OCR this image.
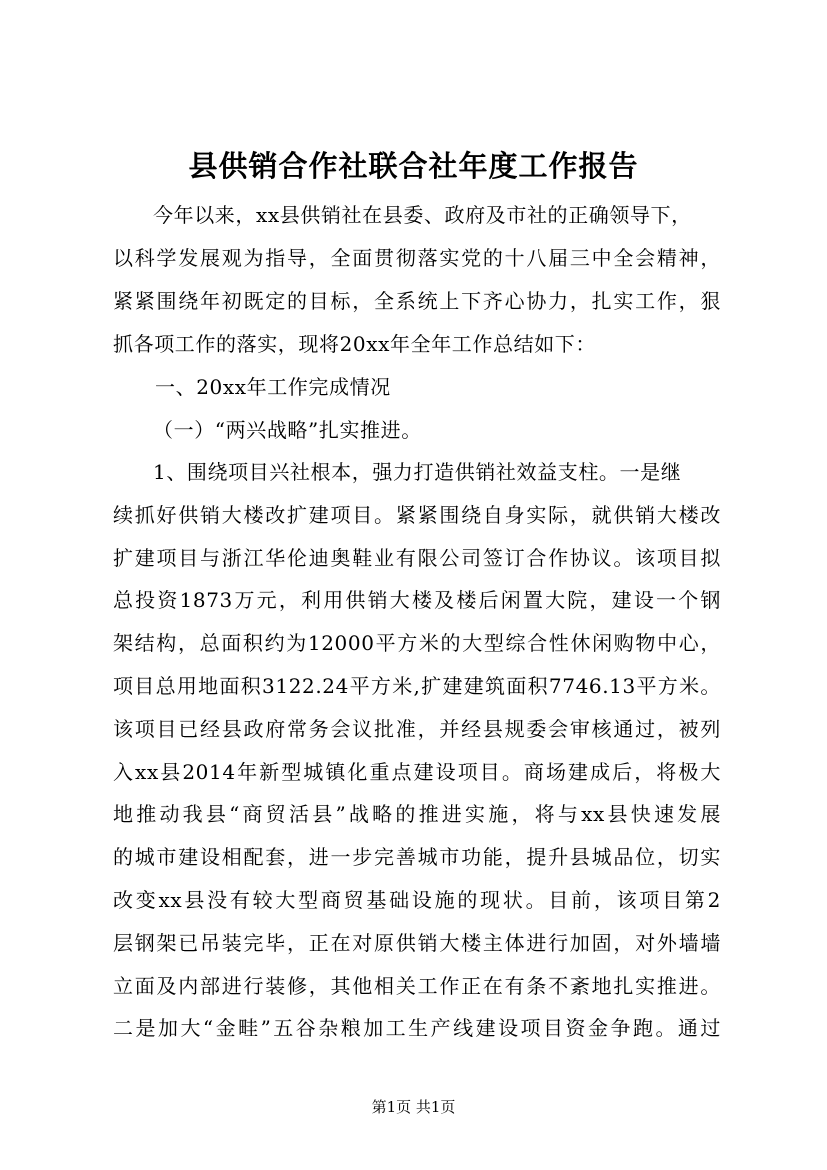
县供销合作社联合社年度工作报告
今年以来，xx县供销社在县委、政府及市社的正确领导下，
以科学发展观为指导，全面贯彻落实党的十八届三中全会精神，
紧紧围绕年初既定的目标，全系统上下齐心协力，扎实工作，狠
抓各项工作的落实，现将20xx年全年工作总结如下：
一、20xx年工作完成情况
（一）“两兴战略”扎实推进。
1、围绕项目兴社根本，强力打造供销社效益支柱。一是继
续抓好供销大楼改扩建项目。紧紧围绕自身实际，就供销大楼改
扩建项目与浙江华伦迪奥鞋业有限公司签订合作协议。该项目拟
总投资1873万元，利用供销大楼及楼后闲置大院，建设一个钢
架结构，总面积约为12000平方米的大型综合性休闲购物中心，
项目总用地面积3122.24平方米,扩建建筑面积7746.13平方米。
该项目已经县政府常务会议批准，并经县规委会审核通过，被列
入xx县2014年新型城镇化重点建设项目。商场建成后，将极大
地推动我县“商贸活县”战略的推进实施，将与xx县快速发展
的城市建设相配套，进一步完善城市功能，提升县城品位，切实
改变xx县没有较大型商贸基础设施的现状。目前，该项目第2
层钢架已吊装完毕，正在对原供销大楼主体进行加固，对外墙墙
立面及内部进行装修，其他相关工作正在有条不紊地扎实推进。
二是加大“金畦”五谷杂粮加工生产线建设项目资金争跑。通过
第1页 共1页
